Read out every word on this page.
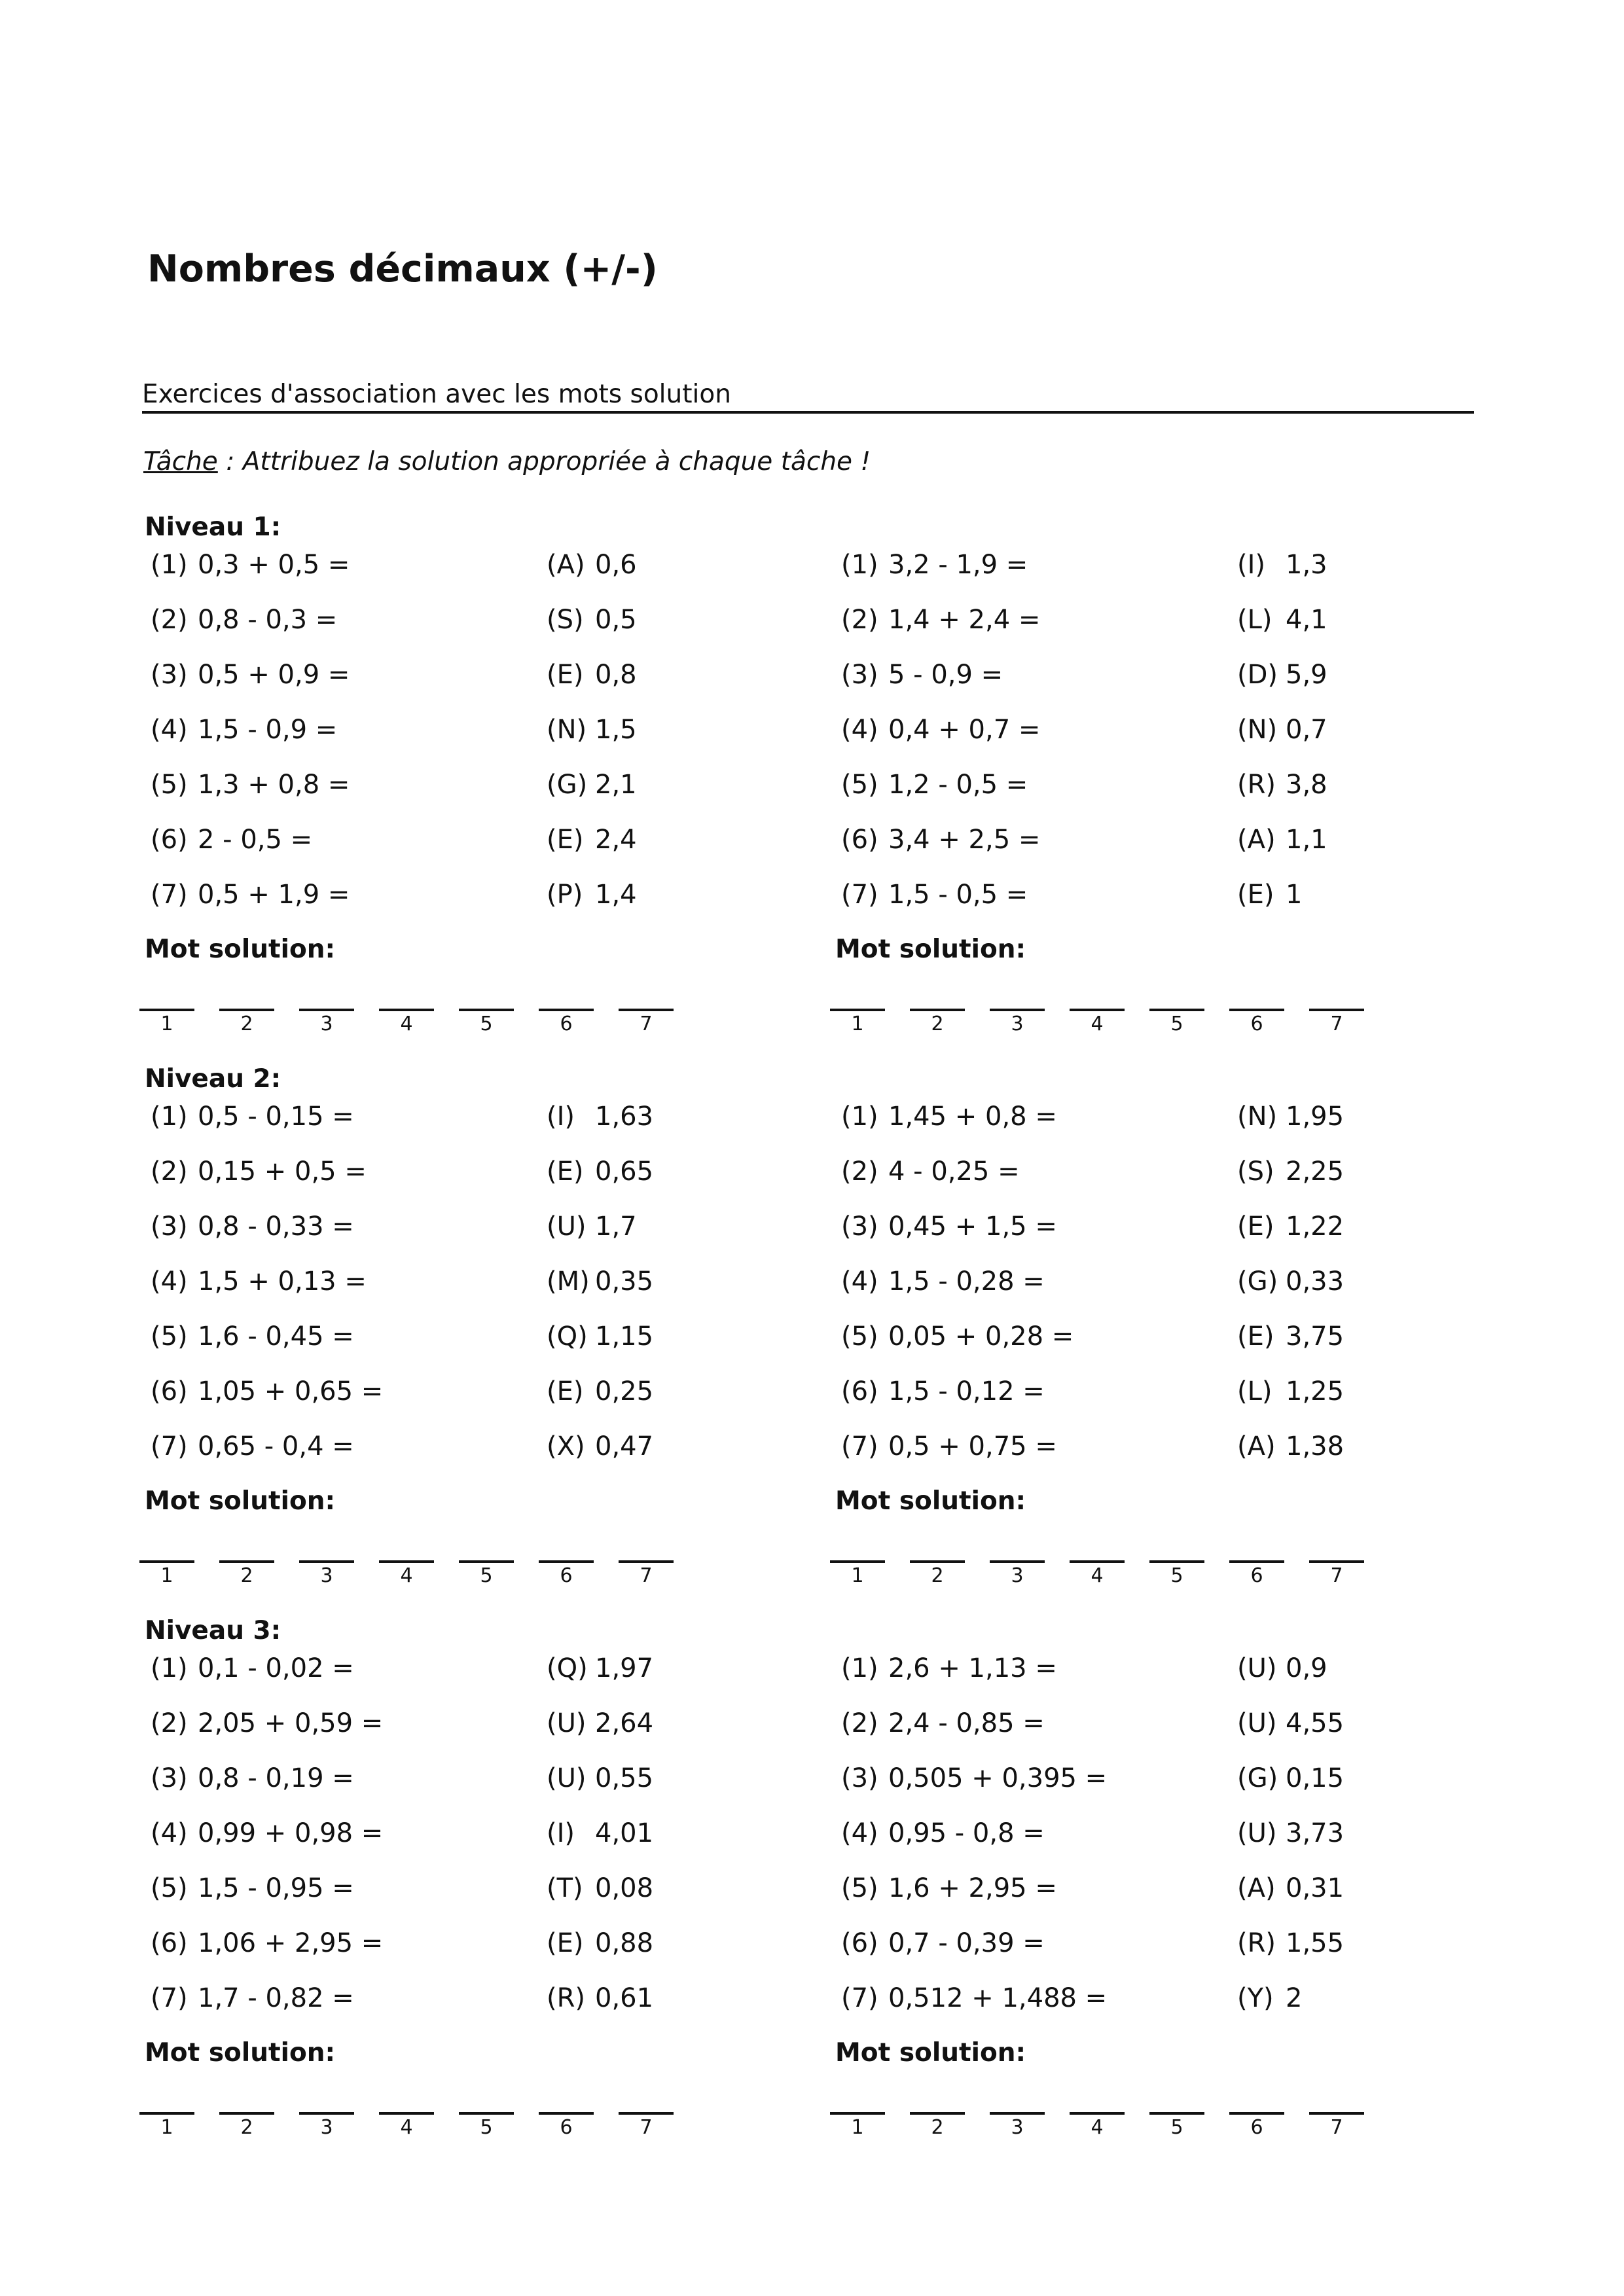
Nombres décimaux (+/-)
Exercices d'association avec les mots solution
Tâche : Attribuez la solution appropriée à chaque tâche !
Niveau 1:
(1) 0,3 + 0,5 =
(2) 0,8 - 0,3 =
(3) 0,5 + 0,9 =
(4) 1,5 - 0,9 =
(5) 1,3 + 0,8 =
(6) 2 - 0,5 =
(7) 0,5 + 1,9 =
(A) 0,6
(S) 0,5
(E) 0,8
(N) 1,5
(G) 2,1
(E) 2,4
(P) 1,4
Mot solution:
1	2	3	4	5	6	7
(1) 3,2 - 1,9 =
(2) 1,4 + 2,4 =
(3) 5 - 0,9 =
(4) 0,4 + 0,7 =
(5) 1,2 - 0,5 =
(6) 3,4 + 2,5 =
(7) 1,5 - 0,5 =
(I) 1,3
(L) 4,1
(D) 5,9
(N) 0,7
(R) 3,8
(A) 1,1
(E) 1
Mot solution:
1	2	3	4	5	6	7
Niveau 2:
(1) 0,5 - 0,15 =
(2) 0,15 + 0,5 =
(3) 0,8 - 0,33 =
(4) 1,5 + 0,13 =
(5) 1,6 - 0,45 =
(6) 1,05 + 0,65 =
(7) 0,65 - 0,4 =
(I) 1,63
(E) 0,65
(U) 1,7
(M) 0,35
(Q) 1,15
(E) 0,25
(X) 0,47
Mot solution:
1	2	3	4	5	6	7
(1) 1,45 + 0,8 =
(2) 4 - 0,25 =
(3) 0,45 + 1,5 =
(4) 1,5 - 0,28 =
(5) 0,05 + 0,28 =
(6) 1,5 - 0,12 =
(7) 0,5 + 0,75 =
(N) 1,95
(S) 2,25
(E) 1,22
(G) 0,33
(E) 3,75
(L) 1,25
(A) 1,38
Mot solution:
1	2	3	4	5	6	7
Niveau 3:
(1) 0,1 - 0,02 =
(2) 2,05 + 0,59 =
(3) 0,8 - 0,19 =
(4) 0,99 + 0,98 =
(5) 1,5 - 0,95 =
(6) 1,06 + 2,95 =
(7) 1,7 - 0,82 =
(Q) 1,97
(U) 2,64
(U) 0,55
(I) 4,01
(T) 0,08
(E) 0,88
(R) 0,61
Mot solution:
1	2	3	4	5	6	7
(1) 2,6 + 1,13 =
(2) 2,4 - 0,85 =
(3) 0,505 + 0,395 =
(4) 0,95 - 0,8 =
(5) 1,6 + 2,95 =
(6) 0,7 - 0,39 =
(7) 0,512 + 1,488 =
(U) 0,9
(U) 4,55
(G) 0,15
(U) 3,73
(A) 0,31
(R) 1,55
(Y) 2
Mot solution:
1	2	3	4	5	6	7
